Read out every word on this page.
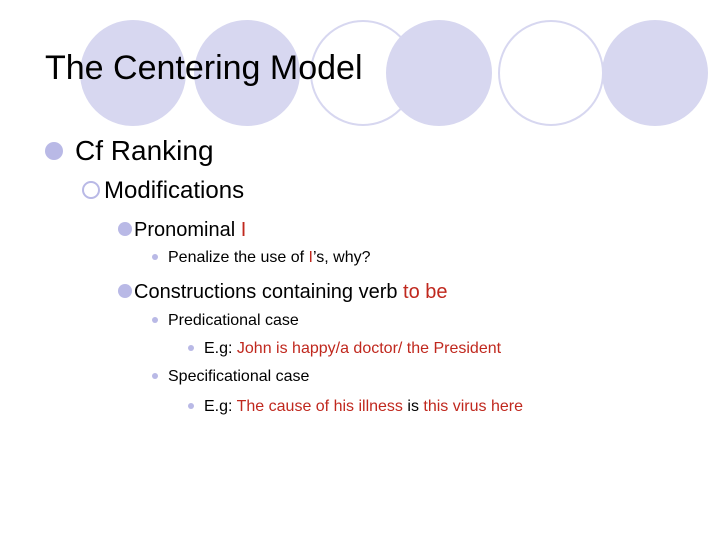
The Centering Model
Cf Ranking
Modifications
Pronominal I
Penalize the use of I’s, why?
Constructions containing verb to be
Predicational case
E.g: John is happy/a doctor/ the President
Specificational case
E.g: The cause of his illness is this virus here
